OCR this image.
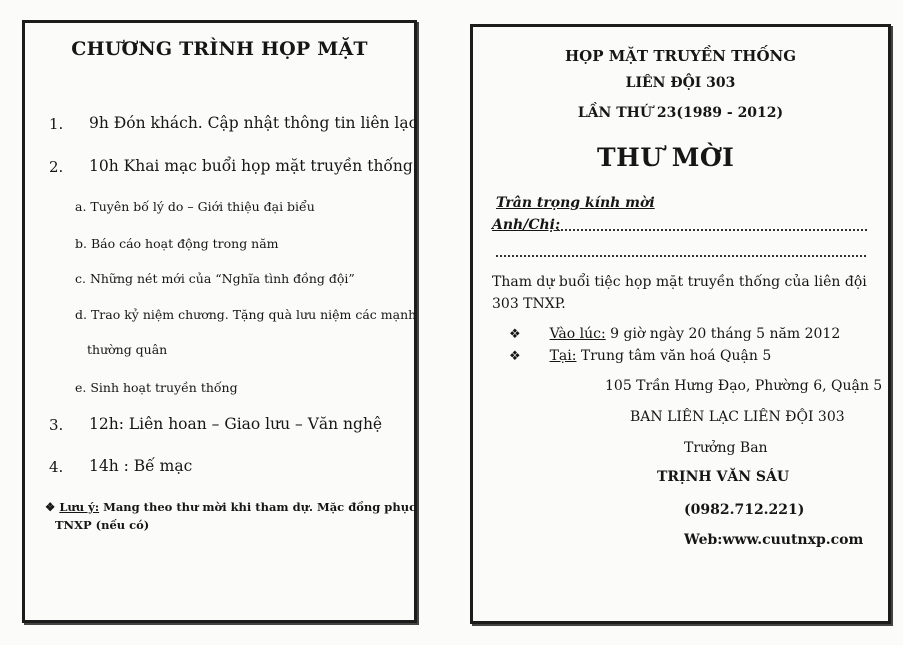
CHƯƠNG TRÌNH HỌP MẶT
1. 9h Đón khách. Cập nhật thông tin liên lạc
2. 10h Khai mạc buổi họp mặt truyền thống:
a. Tuyên bố lý do – Giới thiệu đại biểu
b. Báo cáo hoạt động trong năm
c. Những nét mới của “Nghĩa tình đồng đội”
d. Trao kỷ niệm chương. Tặng quà lưu niệm các mạnh
thường quân
e. Sinh hoạt truyền thống
3. 12h: Liên hoan – Giao lưu – Văn nghệ
4. 14h : Bế mạc
❖ Lưu ý: Mang theo thư mời khi tham dự. Mặc đồng phục
TNXP (nếu có)
HỌP MẶT TRUYỀN THỐNG
LIÊN ĐỘI 303
LẦN THỨ 23(1989 - 2012)
THƯ MỜI
Trân trọng kính mời
Anh/Chị:
Tham dự buổi tiệc họp mặt truyền thống của liên đội
303 TNXP.
❖ Vào lúc: 9 giờ ngày 20 tháng 5 năm 2012
❖ Tại: Trung tâm văn hoá Quận 5
105 Trần Hưng Đạo, Phường 6, Quận 5
BAN LIÊN LẠC LIÊN ĐỘI 303
Trưởng Ban
TRỊNH VĂN SÁU
(0982.712.221)
Web:www.cuutnxp.com
